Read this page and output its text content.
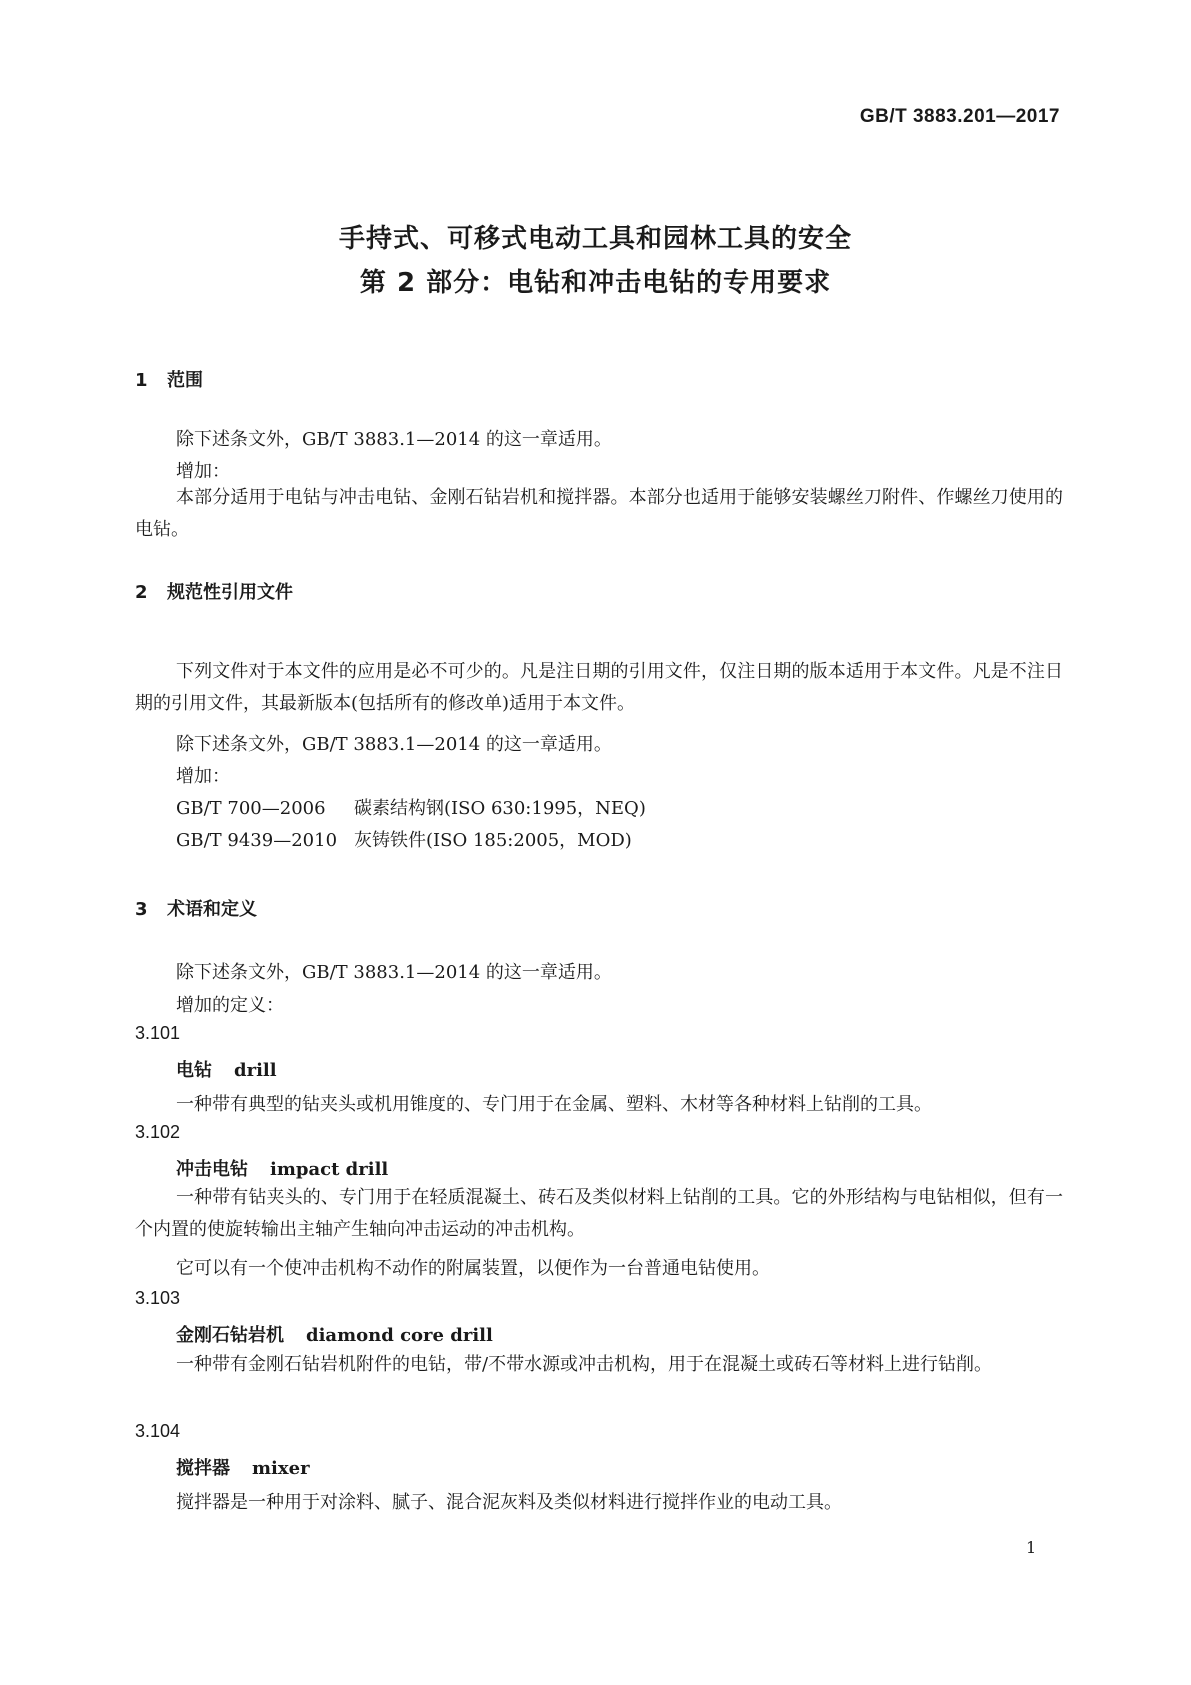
GB/T 3883.201—2017
手持式、可移式电动工具和园林工具的安全
第 2 部分：电钻和冲击电钻的专用要求
1 范围
除下述条文外，GB/T 3883.1—2014 的这一章适用。
增加：
本部分适用于电钻与冲击电钻、金刚石钻岩机和搅拌器。本部分也适用于能够安装螺丝刀附件、作螺丝刀使用的电钻。
2 规范性引用文件
下列文件对于本文件的应用是必不可少的。凡是注日期的引用文件，仅注日期的版本适用于本文件。凡是不注日期的引用文件，其最新版本(包括所有的修改单)适用于本文件。
除下述条文外，GB/T 3883.1—2014 的这一章适用。
增加：
GB/T 700—2006 碳素结构钢(ISO 630:1995，NEQ)
GB/T 9439—2010 灰铸铁件(ISO 185:2005，MOD)
3 术语和定义
除下述条文外，GB/T 3883.1—2014 的这一章适用。
增加的定义：
3.101
电钻 drill
一种带有典型的钻夹头或机用锥度的、专门用于在金属、塑料、木材等各种材料上钻削的工具。
3.102
冲击电钻 impact drill
一种带有钻夹头的、专门用于在轻质混凝土、砖石及类似材料上钻削的工具。它的外形结构与电钻相似，但有一个内置的使旋转输出主轴产生轴向冲击运动的冲击机构。
它可以有一个使冲击机构不动作的附属装置，以便作为一台普通电钻使用。
3.103
金刚石钻岩机 diamond core drill
一种带有金刚石钻岩机附件的电钻，带/不带水源或冲击机构，用于在混凝土或砖石等材料上进行钻削。
3.104
搅拌器 mixer
搅拌器是一种用于对涂料、腻子、混合泥灰料及类似材料进行搅拌作业的电动工具。
1
